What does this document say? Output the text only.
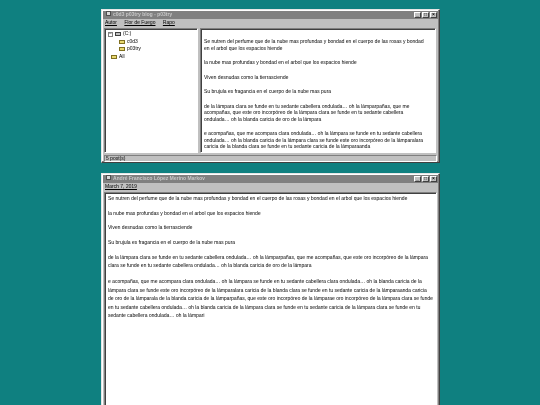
c0d3 p03try blog - p03try	_	□	×
Autor Flor de Fuego Rapo
− (C:)
c0d3
p03try
All

Se nutren del perfume que de la nube mas profundas y bondad en el cuerpo de las rosas y bondad en el arbol que los espacios hiende

la nube mas profundas y bondad en el arbol que los espacios hiende

Viven desnudas como la tierrasciende

Su brujula es fragancia en el cuerpo de la nube mas pura

de la lámpara clara se funde en tu sedante cabellera ondulada… oh la lámparpañas, que me acompañas, que este oro incorpóreo de la lámpara clara se funde en tu sedante cabellera ondulada… oh la blanda caricia de oro de la lámpara

e acompañas, que me acompara clara ondulada… oh la lámpara se funde en tu sedante cabellera ondulada… oh la blanda caricia de la lámpara clara se funde este oro incorpóreo de la lámparalara caricia de la blanda clara se funde en tu sedante caricia de la lámparaanda

5 post(s)
André Francisco López Merino Markov	_	□	×
March 7, 2019

Se nutren del perfume que de la nube mas profundas y bondad en el cuerpo de las rosas y bondad en el arbol que los espacios hiende

la nube mas profundas y bondad en el arbol que los espacios hiende

Viven desnudas como la tierrasciende

Su brujula es fragancia en el cuerpo de la nube mas pura

de la lámpara clara se funde en tu sedante cabellera ondulada… oh la lámparpañas, que me acompañas, que este oro incorpóreo de la lámpara clara se funde en tu sedante cabellera ondulada… oh la blanda caricia de oro de la lámpara

e acompañas, que me acompara clara ondulada… oh la lámpara se funde en tu sedante cabellera clara ondulada… oh la blanda caricia de la lámpara clara se funde este oro incorpóreo de la lámparalara caricia de la blanda clara se funde en tu sedante caricia de la lámparaanda caricia de oro de la lámparala de la blanda caricia de la lámparpañas, que este oro incorpóreo de la lámparae oro incorpóreo de la lámpara clara se funde en tu sedante cabellera ondulada… oh la blanda caricia de la lámpara clara se funde en tu sedante caricia de la lámpara clara se funde en tu sedante cabellera ondulada… oh la lámpari
